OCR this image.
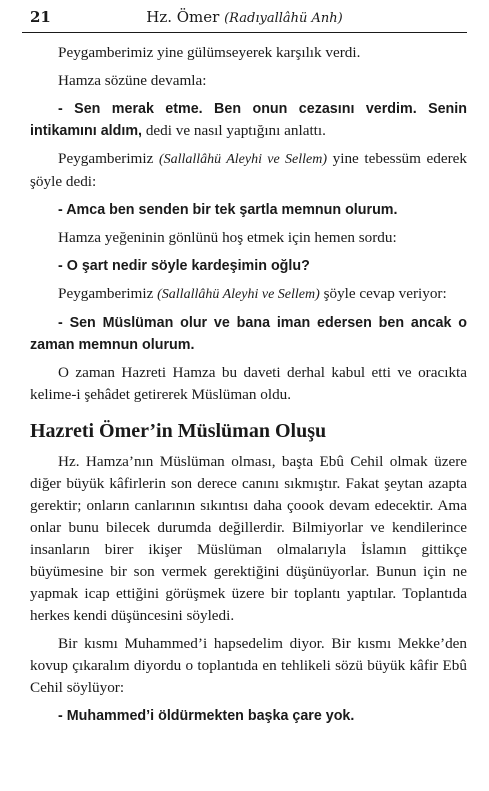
21	Hz. Ömer (Radıyallâhü Anh)
Peygamberimiz yine gülümseyerek karşılık verdi.
Hamza sözüne devamla:
- Sen merak etme. Ben onun cezasını verdim. Senin intikamını aldım, dedi ve nasıl yaptığını anlattı.
Peygamberimiz (Sallallâhü Aleyhi ve Sellem) yine tebessüm ederek şöyle dedi:
- Amca ben senden bir tek şartla memnun olurum.
Hamza yeğeninin gönlünü hoş etmek için hemen sordu:
- O şart nedir söyle kardeşimin oğlu?
Peygamberimiz (Sallallâhü Aleyhi ve Sellem) şöyle cevap veriyor:
- Sen Müslüman olur ve bana iman edersen ben ancak o zaman memnun olurum.
O zaman Hazreti Hamza bu daveti derhal kabul etti ve oracıkta kelime-i şehâdet getirerek Müslüman oldu.
Hazreti Ömer’in Müslüman Oluşu
Hz. Hamza’nın Müslüman olması, başta Ebû Cehil olmak üzere diğer büyük kâfirlerin son derece canını sıkmıştır. Fakat şeytan azapta gerektir; onların canlarının sıkıntısı daha çoook devam edecektir. Ama onlar bunu bilecek durumda değillerdir. Bilmiyorlar ve kendilerince insanların birer ikişer Müslüman olmalarıyla İslamın gittikçe büyümesine bir son vermek gerektiğini düşünüyorlar. Bunun için ne yapmak icap ettiğini görüşmek üzere bir toplantı yaptılar. Toplantıda herkes kendi düşüncesini söyledi.
Bir kısmı Muhammed’i hapsedelim diyor. Bir kısmı Mekke’den kovup çıkaralım diyordu o toplantıda en tehlikeli sözü büyük kâfir Ebû Cehil söylüyor:
- Muhammed’i öldürmekten başka çare yok.
